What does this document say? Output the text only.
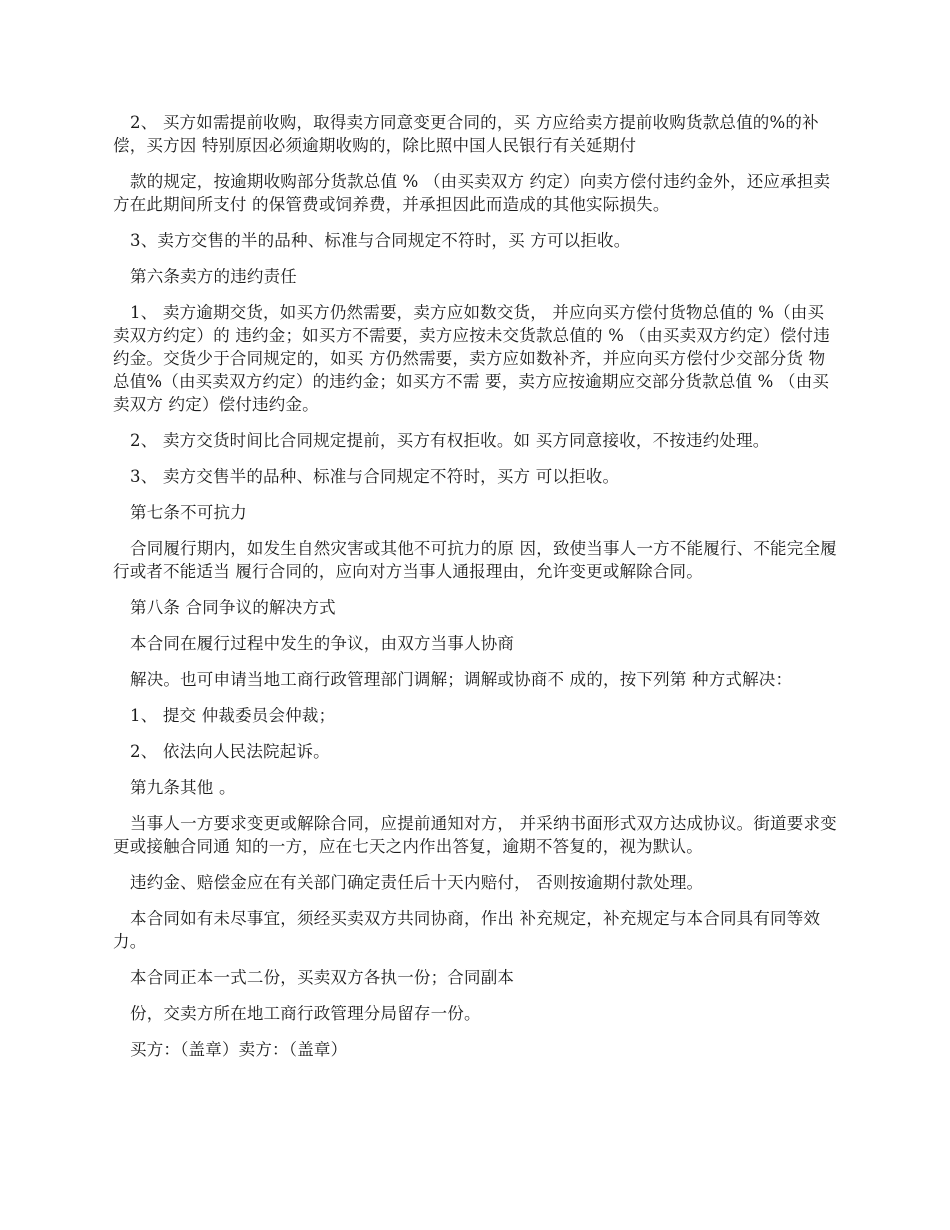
2、 买方如需提前收购，取得卖方同意变更合同的，买 方应给卖方提前收购货款总值的%的补偿，买方因 特别原因必须逾期收购的，除比照中国人民银行有关延期付

款的规定，按逾期收购部分货款总值 % （由买卖双方 约定）向卖方偿付违约金外，还应承担卖方在此期间所支付 的保管费或饲养费，并承担因此而造成的其他实际损失。

3、卖方交售的半的品种、标准与合同规定不符时，买 方可以拒收。

第六条卖方的违约责任

1、 卖方逾期交货，如买方仍然需要，卖方应如数交货， 并应向买方偿付货物总值的 %（由买卖双方约定）的 违约金；如买方不需要，卖方应按未交货款总值的 % （由买卖双方约定）偿付违约金。交货少于合同规定的，如买 方仍然需要，卖方应如数补齐，并应向买方偿付少交部分货 物总值%（由买卖双方约定）的违约金；如买方不需 要，卖方应按逾期应交部分货款总值 % （由买卖双方 约定）偿付违约金。

2、 卖方交货时间比合同规定提前，买方有权拒收。如 买方同意接收，不按违约处理。

3、 卖方交售半的品种、标准与合同规定不符时，买方 可以拒收。

第七条不可抗力

合同履行期内，如发生自然灾害或其他不可抗力的原 因，致使当事人一方不能履行、不能完全履行或者不能适当 履行合同的，应向对方当事人通报理由，允许变更或解除合同。

第八条 合同争议的解决方式

本合同在履行过程中发生的争议，由双方当事人协商

解决。也可申请当地工商行政管理部门调解；调解或协商不 成的，按下列第 种方式解决：

1、 提交 仲裁委员会仲裁；

2、 依法向人民法院起诉。

第九条其他 。

当事人一方要求变更或解除合同，应提前通知对方， 并采纳书面形式双方达成协议。街道要求变更或接触合同通 知的一方，应在七天之内作出答复，逾期不答复的，视为默认。

违约金、赔偿金应在有关部门确定责任后十天内赔付， 否则按逾期付款处理。

本合同如有未尽事宜，须经买卖双方共同协商，作出 补充规定，补充规定与本合同具有同等效力。

本合同正本一式二份，买卖双方各执一份；合同副本

份，交卖方所在地工商行政管理分局留存一份。

买方：（盖章）卖方：（盖章）
